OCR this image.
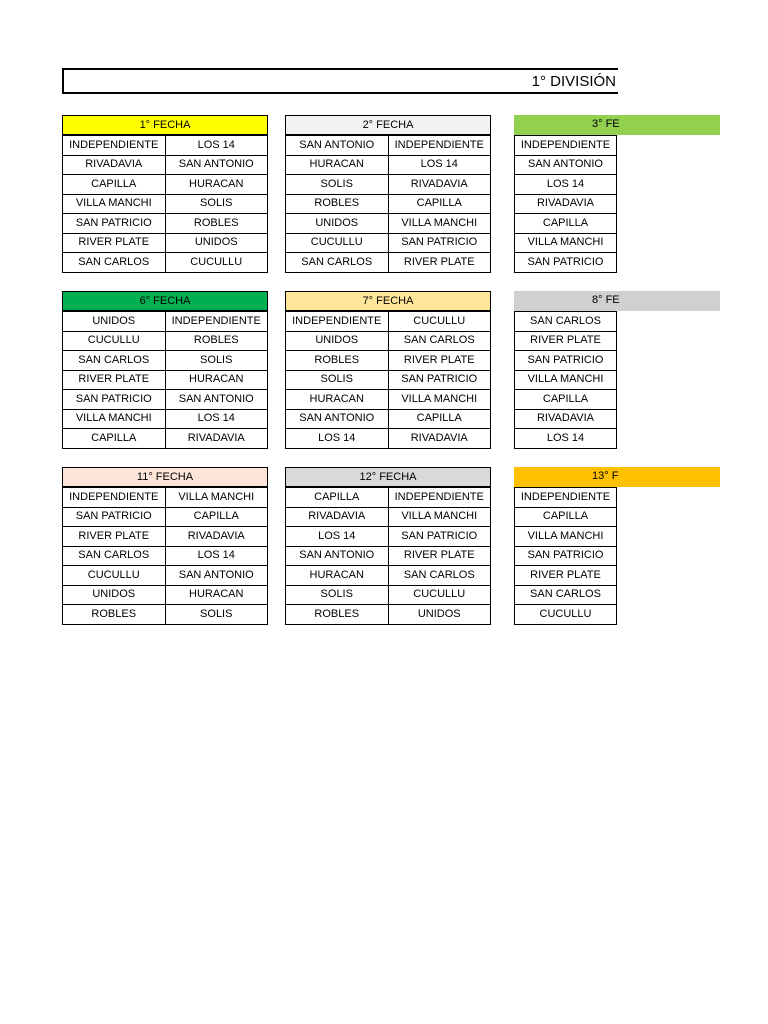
1° DIVISIÓN
1° FECHA
INDEPENDIENTE	LOS 14
RIVADAVIA	SAN ANTONIO
CAPILLA	HURACAN
VILLA MANCHI	SOLIS
SAN PATRICIO	ROBLES
RIVER PLATE	UNIDOS
SAN CARLOS	CUCULLU
2° FECHA
SAN ANTONIO	INDEPENDIENTE
HURACAN	LOS 14
SOLIS	RIVADAVIA
ROBLES	CAPILLA
UNIDOS	VILLA MANCHI
CUCULLU	SAN PATRICIO
SAN CARLOS	RIVER PLATE
3° FE
INDEPENDIENTE
SAN ANTONIO
LOS 14
RIVADAVIA
CAPILLA
VILLA MANCHI
SAN PATRICIO
6° FECHA
UNIDOS	INDEPENDIENTE
CUCULLU	ROBLES
SAN CARLOS	SOLIS
RIVER PLATE	HURACAN
SAN PATRICIO	SAN ANTONIO
VILLA MANCHI	LOS 14
CAPILLA	RIVADAVIA
7° FECHA
INDEPENDIENTE	CUCULLU
UNIDOS	SAN CARLOS
ROBLES	RIVER PLATE
SOLIS	SAN PATRICIO
HURACAN	VILLA MANCHI
SAN ANTONIO	CAPILLA
LOS 14	RIVADAVIA
8° FE
SAN CARLOS
RIVER PLATE
SAN PATRICIO
VILLA MANCHI
CAPILLA
RIVADAVIA
LOS 14
11° FECHA
INDEPENDIENTE	VILLA MANCHI
SAN PATRICIO	CAPILLA
RIVER PLATE	RIVADAVIA
SAN CARLOS	LOS 14
CUCULLU	SAN ANTONIO
UNIDOS	HURACAN
ROBLES	SOLIS
12° FECHA
CAPILLA	INDEPENDIENTE
RIVADAVIA	VILLA MANCHI
LOS 14	SAN PATRICIO
SAN ANTONIO	RIVER PLATE
HURACAN	SAN CARLOS
SOLIS	CUCULLU
ROBLES	UNIDOS
13° F
INDEPENDIENTE
CAPILLA
VILLA MANCHI
SAN PATRICIO
RIVER PLATE
SAN CARLOS
CUCULLU
